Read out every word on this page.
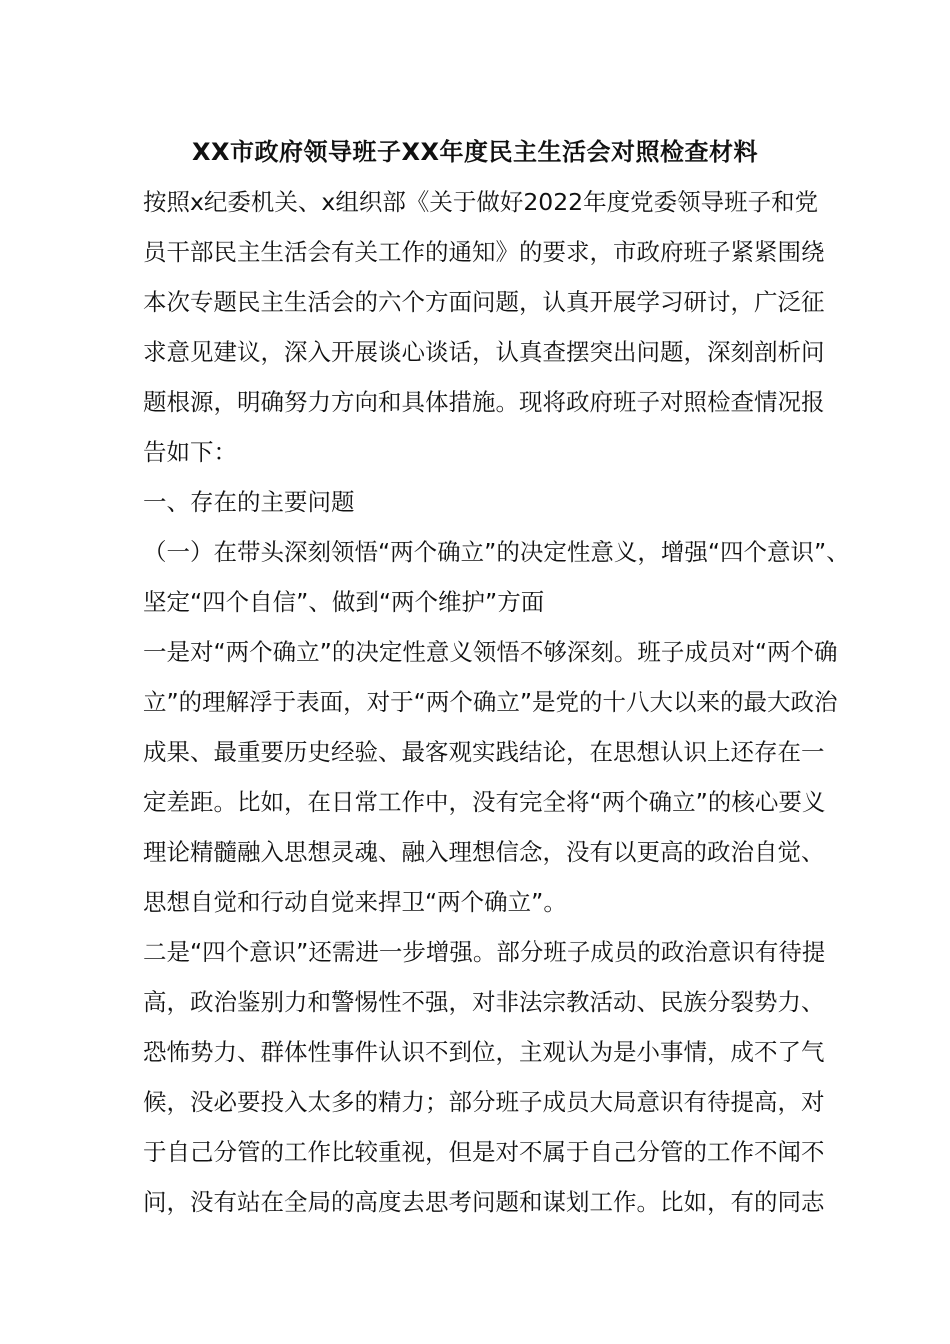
XX市政府领导班子XX年度民主生活会对照检查材料
按照x纪委机关、x组织部《关于做好2022年度党委领导班子和党
员干部民主生活会有关工作的通知》的要求，市政府班子紧紧围绕
本次专题民主生活会的六个方面问题，认真开展学习研讨，广泛征
求意见建议，深入开展谈心谈话，认真查摆突出问题，深刻剖析问
题根源，明确努力方向和具体措施。现将政府班子对照检查情况报
告如下：
一、存在的主要问题
（一）在带头深刻领悟“两个确立”的决定性意义，增强“四个意识”、
坚定“四个自信”、做到“两个维护”方面
一是对“两个确立”的决定性意义领悟不够深刻。班子成员对“两个确
立”的理解浮于表面，对于“两个确立”是党的十八大以来的最大政治
成果、最重要历史经验、最客观实践结论，在思想认识上还存在一
定差距。比如，在日常工作中，没有完全将“两个确立”的核心要义
理论精髓融入思想灵魂、融入理想信念，没有以更高的政治自觉、
思想自觉和行动自觉来捍卫“两个确立”。
二是“四个意识”还需进一步增强。部分班子成员的政治意识有待提
高，政治鉴别力和警惕性不强，对非法宗教活动、民族分裂势力、
恐怖势力、群体性事件认识不到位，主观认为是小事情，成不了气
候，没必要投入太多的精力；部分班子成员大局意识有待提高，对
于自己分管的工作比较重视，但是对不属于自己分管的工作不闻不
问，没有站在全局的高度去思考问题和谋划工作。比如，有的同志
